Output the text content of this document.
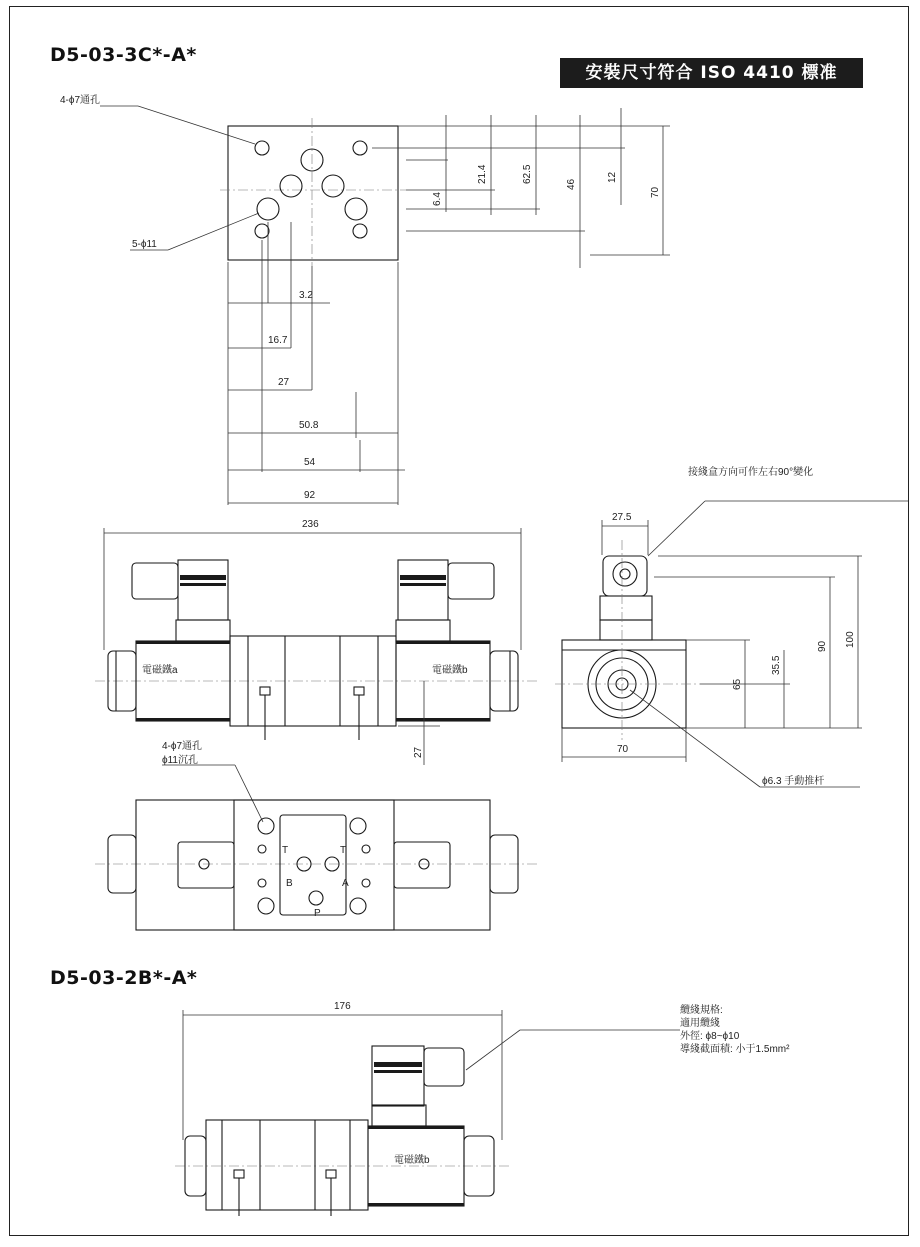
D5-03-3C*-A*
D5-03-2B*-A*
安裝尺寸符合 ISO 4410 標准
4-ϕ7通孔
5-ϕ11
3.2
16.7
27
50.8
54
92
6.4
21.4	62.5
46
12
70
236
電磁鐵a	電磁鐵b
27
接綫盒方向可作左右90°變化
27.5
100
90
65
35.5
70
ϕ6.3 手動推杆
4-ϕ7通孔
ϕ11沉孔
T	T
B	A
P
176
電磁鐵b
纜綫規格:
適用纜綫
外徑: ϕ8~ϕ10
導綫截面積: 小于1.5mm²
